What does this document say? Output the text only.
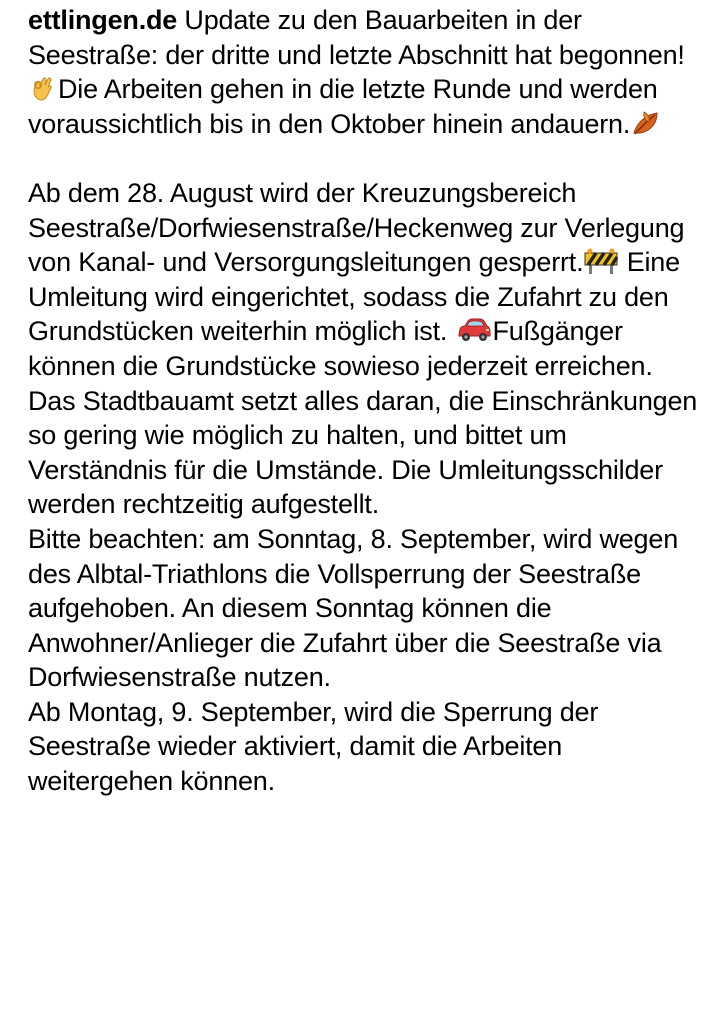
ettlingen.de Update zu den Bauarbeiten in der Seestraße: der dritte und letzte Abschnitt hat begonnen!
Die Arbeiten gehen in die letzte Runde und werden voraussichtlich bis in den Oktober hinein andauern.

Ab dem 28. August wird der Kreuzungsbereich Seestraße/Dorfwiesenstraße/Heckenweg zur Verlegung von Kanal- und Versorgungsleitungen gesperrt. Eine Umleitung wird eingerichtet, sodass die Zufahrt zu den Grundstücken weiterhin möglich ist. Fußgänger können die Grundstücke sowieso jederzeit erreichen. Das Stadtbauamt setzt alles daran, die Einschränkungen so gering wie möglich zu halten, und bittet um Verständnis für die Umstände. Die Umleitungsschilder werden rechtzeitig aufgestellt.

Bitte beachten: am Sonntag, 8. September, wird wegen des Albtal-Triathlons die Vollsperrung der Seestraße aufgehoben. An diesem Sonntag können die Anwohner/Anlieger die Zufahrt über die Seestraße via Dorfwiesenstraße nutzen.

Ab Montag, 9. September, wird die Sperrung der Seestraße wieder aktiviert, damit die Arbeiten weitergehen können.
